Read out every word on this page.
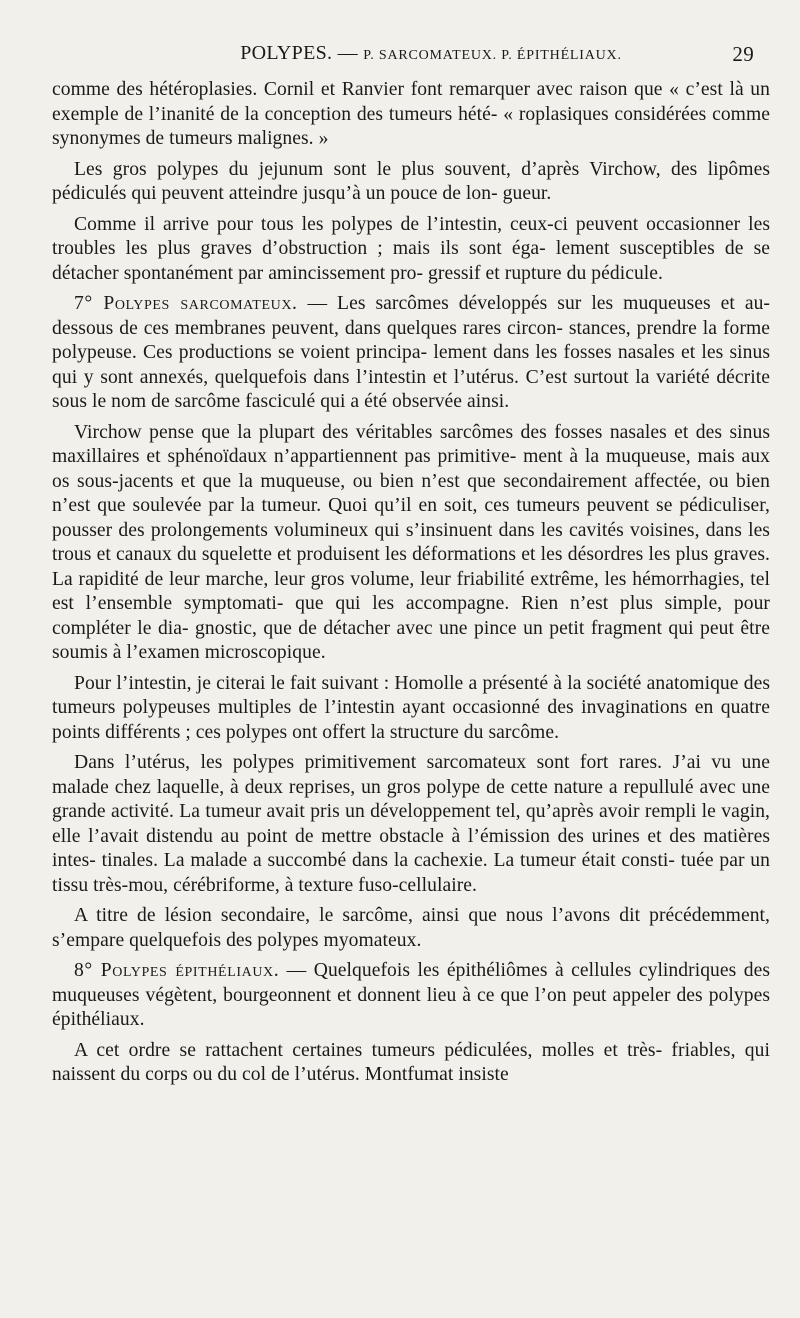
POLYPES. — P. SARCOMATEUX. P. ÉPITHÉLIAUX.	29

comme des hétéroplasies. Cornil et Ranvier font remarquer avec raison que « c’est là un exemple de l’inanité de la conception des tumeurs hété- « roplasiques considérées comme synonymes de tumeurs malignes. »

Les gros polypes du jejunum sont le plus souvent, d’après Virchow, des lipômes pédiculés qui peuvent atteindre jusqu’à un pouce de lon- gueur.

Comme il arrive pour tous les polypes de l’intestin, ceux-ci peuvent occasionner les troubles les plus graves d’obstruction ; mais ils sont éga- lement susceptibles de se détacher spontanément par amincissement pro- gressif et rupture du pédicule.

7° Polypes sarcomateux. — Les sarcômes développés sur les muqueuses et au-dessous de ces membranes peuvent, dans quelques rares circon- stances, prendre la forme polypeuse. Ces productions se voient principa- lement dans les fosses nasales et les sinus qui y sont annexés, quelquefois dans l’intestin et l’utérus. C’est surtout la variété décrite sous le nom de sarcôme fasciculé qui a été observée ainsi.

Virchow pense que la plupart des véritables sarcômes des fosses nasales et des sinus maxillaires et sphénoïdaux n’appartiennent pas primitive- ment à la muqueuse, mais aux os sous-jacents et que la muqueuse, ou bien n’est que secondairement affectée, ou bien n’est que soulevée par la tumeur. Quoi qu’il en soit, ces tumeurs peuvent se pédiculiser, pousser des prolongements volumineux qui s’insinuent dans les cavités voisines, dans les trous et canaux du squelette et produisent les déformations et les désordres les plus graves. La rapidité de leur marche, leur gros volume, leur friabilité extrême, les hémorrhagies, tel est l’ensemble symptomati- que qui les accompagne. Rien n’est plus simple, pour compléter le dia- gnostic, que de détacher avec une pince un petit fragment qui peut être soumis à l’examen microscopique.

Pour l’intestin, je citerai le fait suivant : Homolle a présenté à la société anatomique des tumeurs polypeuses multiples de l’intestin ayant occasionné des invaginations en quatre points différents ; ces polypes ont offert la structure du sarcôme.

Dans l’utérus, les polypes primitivement sarcomateux sont fort rares. J’ai vu une malade chez laquelle, à deux reprises, un gros polype de cette nature a repullulé avec une grande activité. La tumeur avait pris un développement tel, qu’après avoir rempli le vagin, elle l’avait distendu au point de mettre obstacle à l’émission des urines et des matières intes- tinales. La malade a succombé dans la cachexie. La tumeur était consti- tuée par un tissu très-mou, cérébriforme, à texture fuso-cellulaire.

A titre de lésion secondaire, le sarcôme, ainsi que nous l’avons dit précédemment, s’empare quelquefois des polypes myomateux.

8° Polypes épithéliaux. — Quelquefois les épithéliômes à cellules cylindriques des muqueuses végètent, bourgeonnent et donnent lieu à ce que l’on peut appeler des polypes épithéliaux.

A cet ordre se rattachent certaines tumeurs pédiculées, molles et très- friables, qui naissent du corps ou du col de l’utérus. Montfumat insiste
